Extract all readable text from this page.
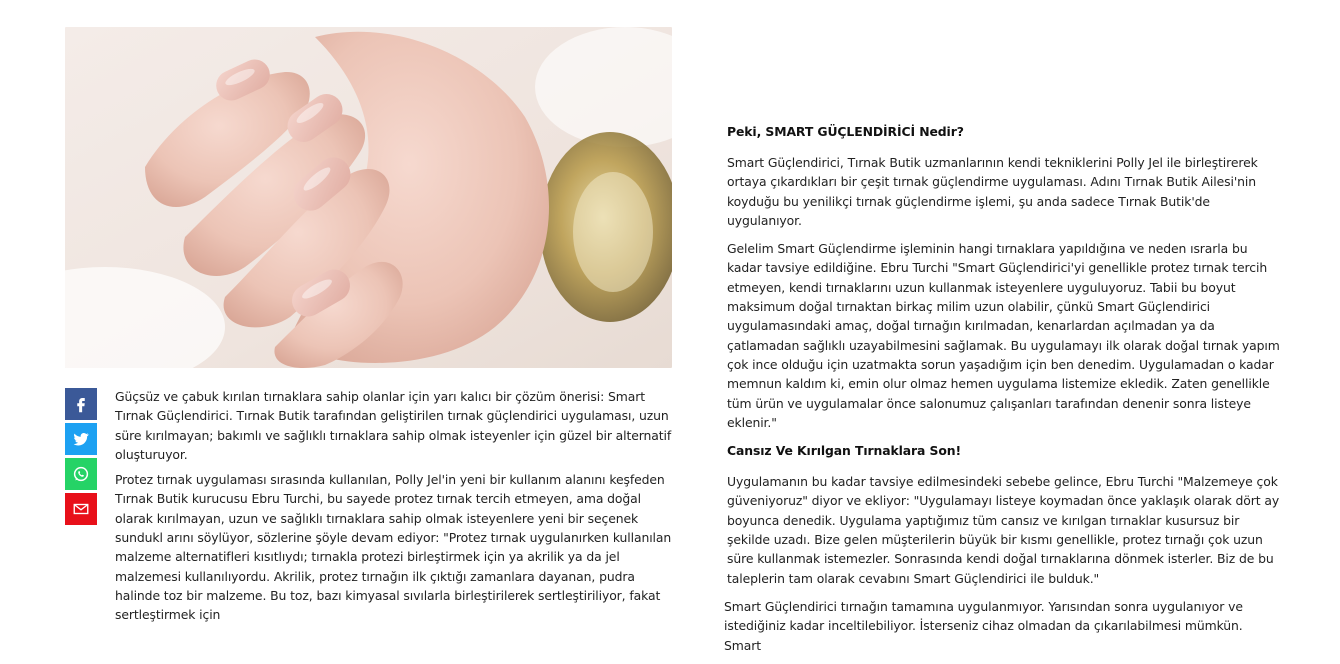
Güçsüz ve çabuk kırılan tırnaklara sahip olanlar için yarı kalıcı bir çözüm önerisi: Smart Tırnak Güçlendirici. Tırnak Butik tarafından geliştirilen tırnak güçlendirici uygulaması, uzun süre kırılmayan; bakımlı ve sağlıklı tırnaklara sahip olmak isteyenler için güzel bir alternatif oluşturuyor.

Protez tırnak uygulaması sırasında kullanılan, Polly Jel'in yeni bir kullanım alanını keşfeden Tırnak Butik kurucusu Ebru Turchi, bu sayede protez tırnak tercih etmeyen, ama doğal olarak kırılmayan, uzun ve sağlıklı tırnaklara sahip olmak isteyenlere yeni bir seçenek sundukl arını söylüyor, sözlerine şöyle devam ediyor: "Protez tırnak uygulanırken kullanılan malzeme alternatifleri kısıtlıydı; tırnakla protezi birleştirmek için ya akrilik ya da jel malzemesi kullanılıyordu. Akrilik, protez tırnağın ilk çıktığı zamanlara dayanan, pudra halinde toz bir malzeme. Bu toz, bazı kimyasal sıvılarla birleştirilerek sertleştiriliyor, fakat sertleştirmek için

Peki, SMART GÜÇLENDİRİCİ Nedir?

Smart Güçlendirici, Tırnak Butik uzmanlarının kendi tekniklerini Polly Jel ile birleştirerek ortaya çıkardıkları bir çeşit tırnak güçlendirme uygulaması. Adını Tırnak Butik Ailesi'nin koyduğu bu yenilikçi tırnak güçlendirme işlemi, şu anda sadece Tırnak Butik'de uygulanıyor.

Gelelim Smart Güçlendirme işleminin hangi tırnaklara yapıldığına ve neden ısrarla bu kadar tavsiye edildiğine. Ebru Turchi "Smart Güçlendirici'yi genellikle protez tırnak tercih etmeyen, kendi tırnaklarını uzun kullanmak isteyenlere uyguluyoruz. Tabii bu boyut maksimum doğal tırnaktan birkaç milim uzun olabilir, çünkü Smart Güçlendirici uygulamasındaki amaç, doğal tırnağın kırılmadan, kenarlardan açılmadan ya da çatlamadan sağlıklı uzayabilmesini sağlamak. Bu uygulamayı ilk olarak doğal tırnak yapım çok ince olduğu için uzatmakta sorun yaşadığım için ben denedim. Uygulamadan o kadar memnun kaldım ki, emin olur olmaz hemen uygulama listemize ekledik. Zaten genellikle tüm ürün ve uygulamalar önce salonumuz çalışanları tarafından denenir sonra listeye eklenir."

Cansız Ve Kırılgan Tırnaklara Son!

Uygulamanın bu kadar tavsiye edilmesindeki sebebe gelince, Ebru Turchi "Malzemeye çok güveniyoruz" diyor ve ekliyor: "Uygulamayı listeye koymadan önce yaklaşık olarak dört ay boyunca denedik. Uygulama yaptığımız tüm cansız ve kırılgan tırnaklar kusursuz bir şekilde uzadı. Bize gelen müşterilerin büyük bir kısmı genellikle, protez tırnağı çok uzun süre kullanmak istemezler. Sonrasında kendi doğal tırnaklarına dönmek isterler. Biz de bu taleplerin tam olarak cevabını Smart Güçlendirici ile bulduk."

Smart Güçlendirici tırnağın tamamına uygulanmıyor. Yarısından sonra uygulanıyor ve istediğiniz kadar inceltilebiliyor. İsterseniz cihaz olmadan da çıkarılabilmesi mümkün. Smart
